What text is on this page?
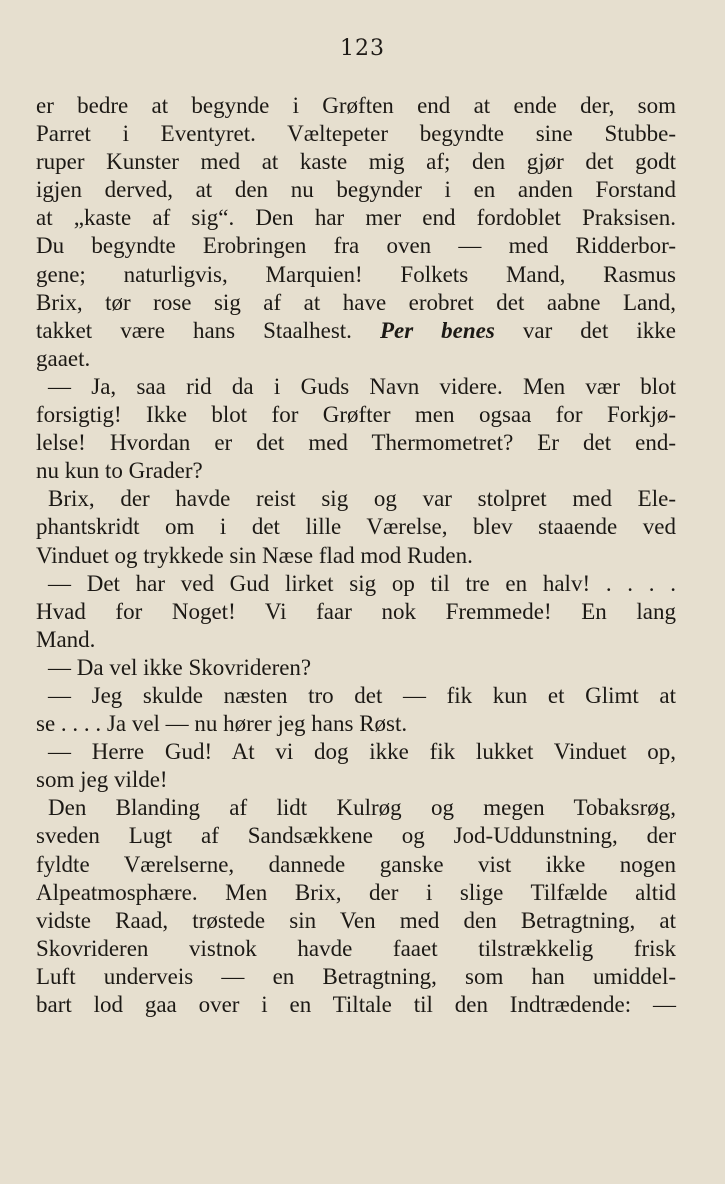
123
er bedre at begynde i Grøften end at ende der, som
Parret i Eventyret. Væltepeter begyndte sine Stubbe-
ruper Kunster med at kaste mig af; den gjør det godt
igjen derved, at den nu begynder i en anden Forstand
at „kaste af sig“. Den har mer end fordoblet Praksisen.
Du begyndte Erobringen fra oven — med Ridderbor-
gene; naturligvis, Marquien! Folkets Mand, Rasmus
Brix, tør rose sig af at have erobret det aabne Land,
takket være hans Staalhest. Per benes var det ikke
gaaet.
— Ja, saa rid da i Guds Navn videre. Men vær blot
forsigtig! Ikke blot for Grøfter men ogsaa for Forkjø-
lelse! Hvordan er det med Thermometret? Er det end-
nu kun to Grader?
Brix, der havde reist sig og var stolpret med Ele-
phantskridt om i det lille Værelse, blev staaende ved
Vinduet og trykkede sin Næse flad mod Ruden.
— Det har ved Gud lirket sig op til tre en halv! . . . .
Hvad for Noget! Vi faar nok Fremmede! En lang
Mand.
— Da vel ikke Skovrideren?
— Jeg skulde næsten tro det — fik kun et Glimt at
se . . . . Ja vel — nu hører jeg hans Røst.
— Herre Gud! At vi dog ikke fik lukket Vinduet op,
som jeg vilde!
Den Blanding af lidt Kulrøg og megen Tobaksrøg,
sveden Lugt af Sandsækkene og Jod-Uddunstning, der
fyldte Værelserne, dannede ganske vist ikke nogen
Alpeatmosphære. Men Brix, der i slige Tilfælde altid
vidste Raad, trøstede sin Ven med den Betragtning, at
Skovrideren vistnok havde faaet tilstrækkelig frisk
Luft underveis — en Betragtning, som han umiddel-
bart lod gaa over i en Tiltale til den Indtrædende: —
